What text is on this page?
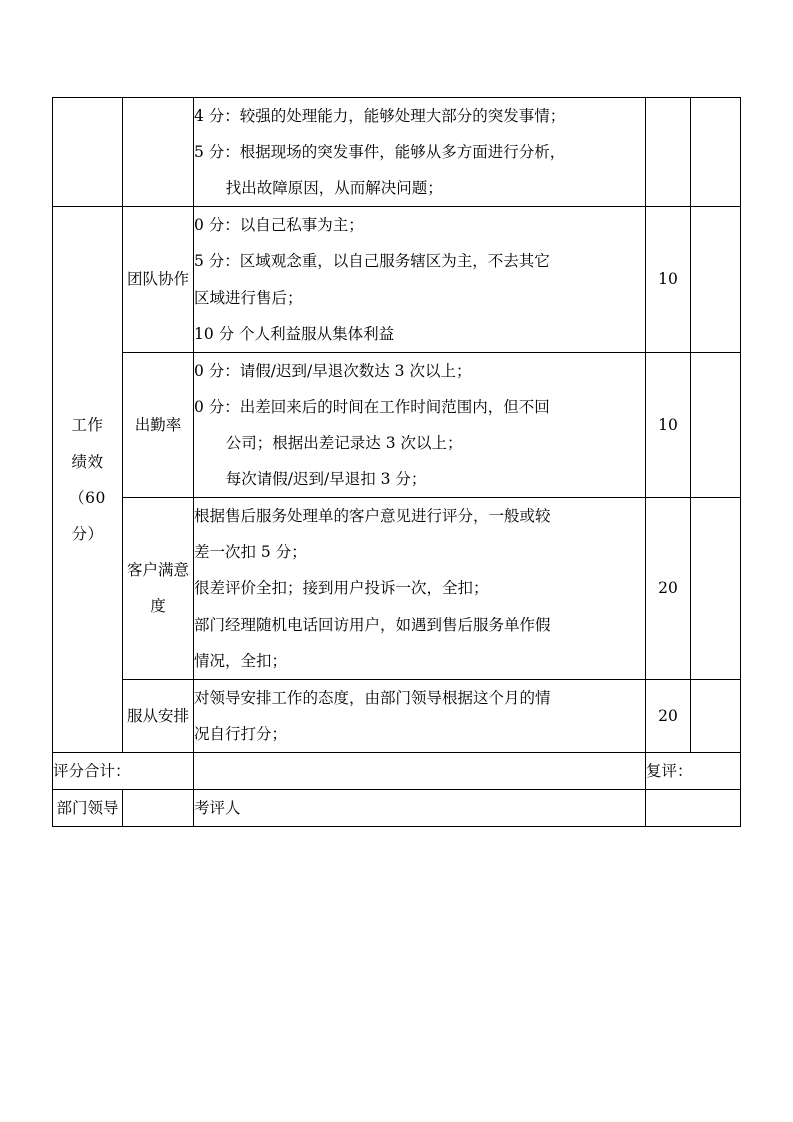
		4 分：较强的处理能力，能够处理大部分的突发事情；
5 分：根据现场的突发事件，能够从多方面进行分析，
找出故障原因，从而解决问题；		

工作
绩效
（60
分）	团队协作	0 分：以自己私事为主；
5 分：区域观念重，以自己服务辖区为主，不去其它
区域进行售后；
10 分 个人利益服从集体利益	10	
	出勤率	0 分：请假/迟到/早退次数达 3 次以上；
0 分：出差回来后的时间在工作时间范围内，但不回
公司；根据出差记录达 3 次以上；
每次请假/迟到/早退扣 3 分；	10	
	客户满意度	根据售后服务处理单的客户意见进行评分，一般或较
差一次扣 5 分；
很差评价全扣；接到用户投诉一次，全扣；
部门经理随机电话回访用户，如遇到售后服务单作假
情况，全扣；	20	
	服从安排	对领导安排工作的态度，由部门领导根据这个月的情
况自行打分；	20	
评分合计：			复评：	
部门领导		考评人		
